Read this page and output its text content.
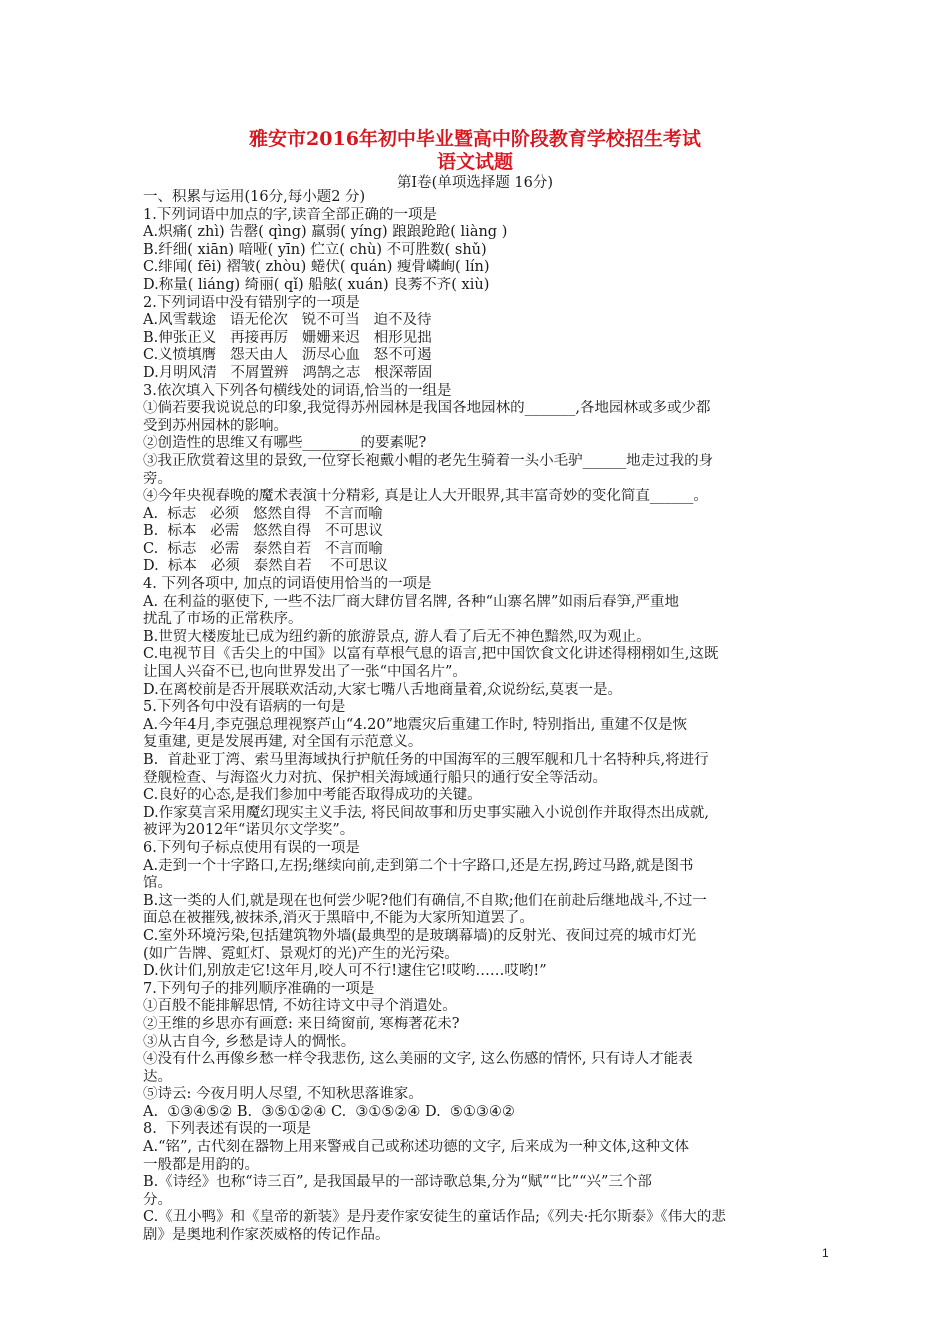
雅安市2016年初中毕业暨高中阶段教育学校招生考试
语文试题
第Ⅰ卷(单项选择题 16分)
一、积累与运用(16分,每小题2 分)
1.下列词语中加点的字,读音全部正确的一项是
A.炽痛( zhì) 告罄( qìng) 羸弱( yíng) 踉踉跄跄( liàng )
B.纤细( xiān) 喑哑( yīn) 伫立( chù) 不可胜数( shǔ)
C.绯闻( fēi) 褶皱( zhòu) 蜷伏( quán) 瘦骨嶙峋( lín)
D.称量( liáng) 绮丽( qǐ) 船舷( xuán) 良莠不齐( xiù)
2.下列词语中没有错别字的一项是
A.风雪载途   语无伦次   锐不可当   迫不及待
B.伸张正义   再接再厉   姗姗来迟   相形见拙
C.义愤填膺   怨天由人   沥尽心血   怒不可遏
D.月明风清   不屑置辨   鸿鹄之志   根深蒂固
3.依次填入下列各句横线处的词语,恰当的一组是
①倘若要我说说总的印象,我觉得苏州园林是我国各地园林的_______,各地园林或多或少都
受到苏州园林的影响。
②创造性的思维又有哪些________的要素呢?
③我正欣赏着这里的景致,一位穿长袍戴小帽的老先生骑着一头小毛驴______地走过我的身
旁。
④今年央视春晚的魔术表演十分精彩, 真是让人大开眼界,其丰富奇妙的变化简直______。
A.  标志   必须   悠然自得   不言而喻
B.  标本   必需   悠然自得   不可思议
C.  标志   必需   泰然自若   不言而喻
D.  标本   必须   泰然自若    不可思议
4. 下列各项中, 加点的词语使用恰当的一项是
A. 在利益的驱使下, 一些不法厂商大肆仿冒名牌, 各种“山寨名牌”如雨后春笋,严重地
扰乱了市场的正常秩序。
B.世贸大楼废址已成为纽约新的旅游景点, 游人看了后无不神色黯然,叹为观止。
C.电视节目《舌尖上的中国》以富有草根气息的语言,把中国饮食文化讲述得栩栩如生,这既
让国人兴奋不已,也向世界发出了一张“中国名片”。
D.在离校前是否开展联欢活动,大家七嘴八舌地商量着,众说纷纭,莫衷一是。
5.下列各句中没有语病的一句是
A.今年4月,李克强总理视察芦山“4.20”地震灾后重建工作时, 特别指出, 重建不仅是恢
复重建, 更是发展再建, 对全国有示范意义。
B.  首赴亚丁湾、索马里海域执行护航任务的中国海军的三艘军舰和几十名特种兵,将进行
登舰检查、与海盗火力对抗、保护相关海域通行船只的通行安全等活动。
C.良好的心态,是我们参加中考能否取得成功的关键。
D.作家莫言采用魔幻现实主义手法, 将民间故事和历史事实融入小说创作并取得杰出成就,
被评为2012年“诺贝尔文学奖”。
6.下列句子标点使用有误的一项是
A.走到一个十字路口,左拐;继续向前,走到第二个十字路口,还是左拐,跨过马路,就是图书
馆。
B.这一类的人们,就是现在也何尝少呢?他们有确信,不自欺;他们在前赴后继地战斗,不过一
面总在被摧残,被抹杀,消灭于黑暗中,不能为大家所知道罢了。
C.室外环境污染,包括建筑物外墙(最典型的是玻璃幕墙)的反射光、夜间过亮的城市灯光
(如广告牌、霓虹灯、景观灯的光)产生的光污染。
D.伙计们,别放走它!这年月,咬人可不行!逮住它!哎哟……哎哟!”
7.下列句子的排列顺序准确的一项是
①百般不能排解思情, 不妨往诗文中寻个消遣处。
②王维的乡思亦有画意: 来日绮窗前, 寒梅著花未?
③从古自今, 乡愁是诗人的惆怅。
④没有什么再像乡愁一样令我悲伤, 这么美丽的文字, 这么伤感的情怀, 只有诗人才能表
达。
⑤诗云: 今夜月明人尽望, 不知秋思落谁家。
A.  ①③④⑤② B.  ③⑤①②④ C.  ③①⑤②④ D.  ⑤①③④②
8.  下列表述有误的一项是
A.“铭”, 古代刻在器物上用来警戒自己或称述功德的文字, 后来成为一种文体,这种文体
一般都是用韵的。
B.《诗经》也称“诗三百”, 是我国最早的一部诗歌总集,分为“赋”“比”“兴”三个部
分。
C.《丑小鸭》和《皇帝的新装》是丹麦作家安徒生的童话作品;《列夫·托尔斯泰》《伟大的悲
剧》是奥地利作家茨威格的传记作品。
1
